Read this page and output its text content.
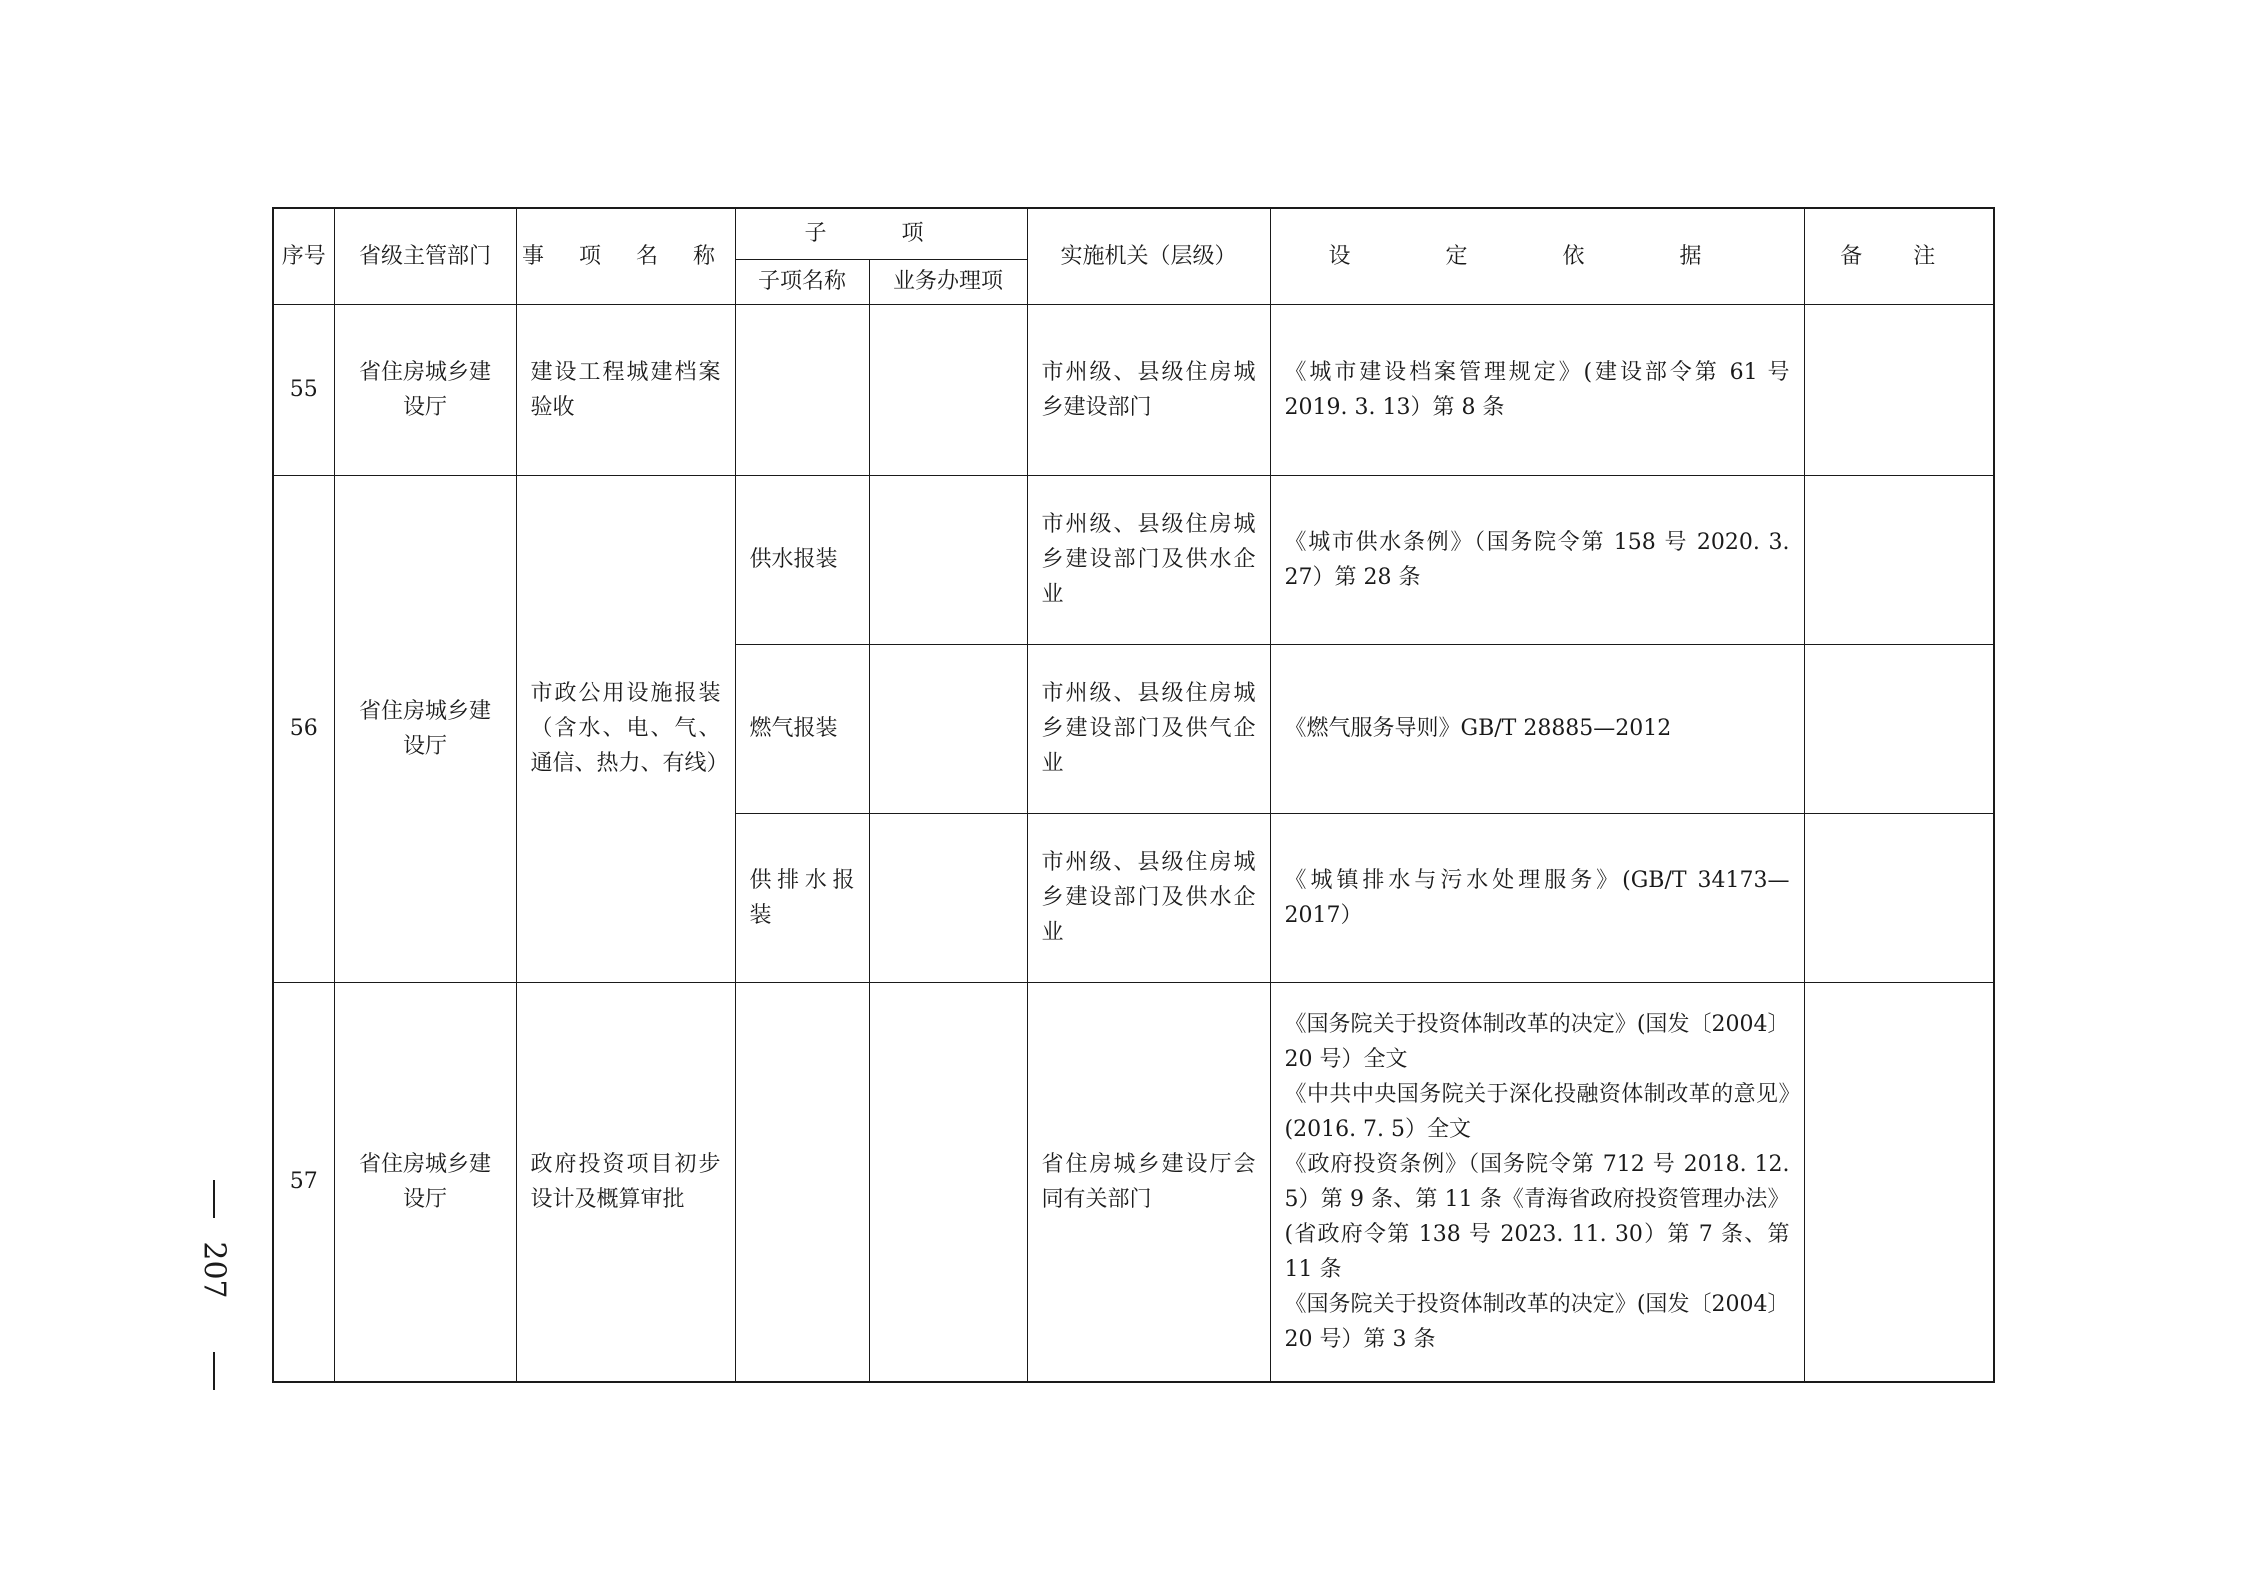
序号	省级主管部门	事 项 名 称	子 项		实施机关（层级）	设 定 依 据	备 注
			子项名称	业务办理项			
55	省住房城乡建设厅	建设工程城建档案验收			市州级、县级住房城乡建设部门	《城市建设档案管理规定》(建设部令第 61 号 2019. 3. 13）第 8 条	
56	省住房城乡建设厅	市政公用设施报装（含水、电、气、通信、热力、有线）	供水报装		市州级、县级住房城乡建设部门及供水企业	《城市供水条例》（国务院令第 158 号 2020. 3. 27）第 28 条	
			燃气报装		市州级、县级住房城乡建设部门及供气企业	《燃气服务导则》GB/T 28885—2012	
			供排水报装		市州级、县级住房城乡建设部门及供水企业	《城镇排水与污水处理服务》(GB/T 34173—2017）	
57	省住房城乡建设厅	政府投资项目初步设计及概算审批			省住房城乡建设厅会同有关部门	《国务院关于投资体制改革的决定》(国发〔2004〕20 号）全文
《中共中央国务院关于深化投融资体制改革的意见》(2016. 7. 5）全文
《政府投资条例》（国务院令第 712 号 2018. 12. 5）第 9 条、第 11 条《青海省政府投资管理办法》(省政府令第 138 号 2023. 11. 30）第 7 条、第 11 条
《国务院关于投资体制改革的决定》(国发〔2004〕20 号）第 3 条	
207
